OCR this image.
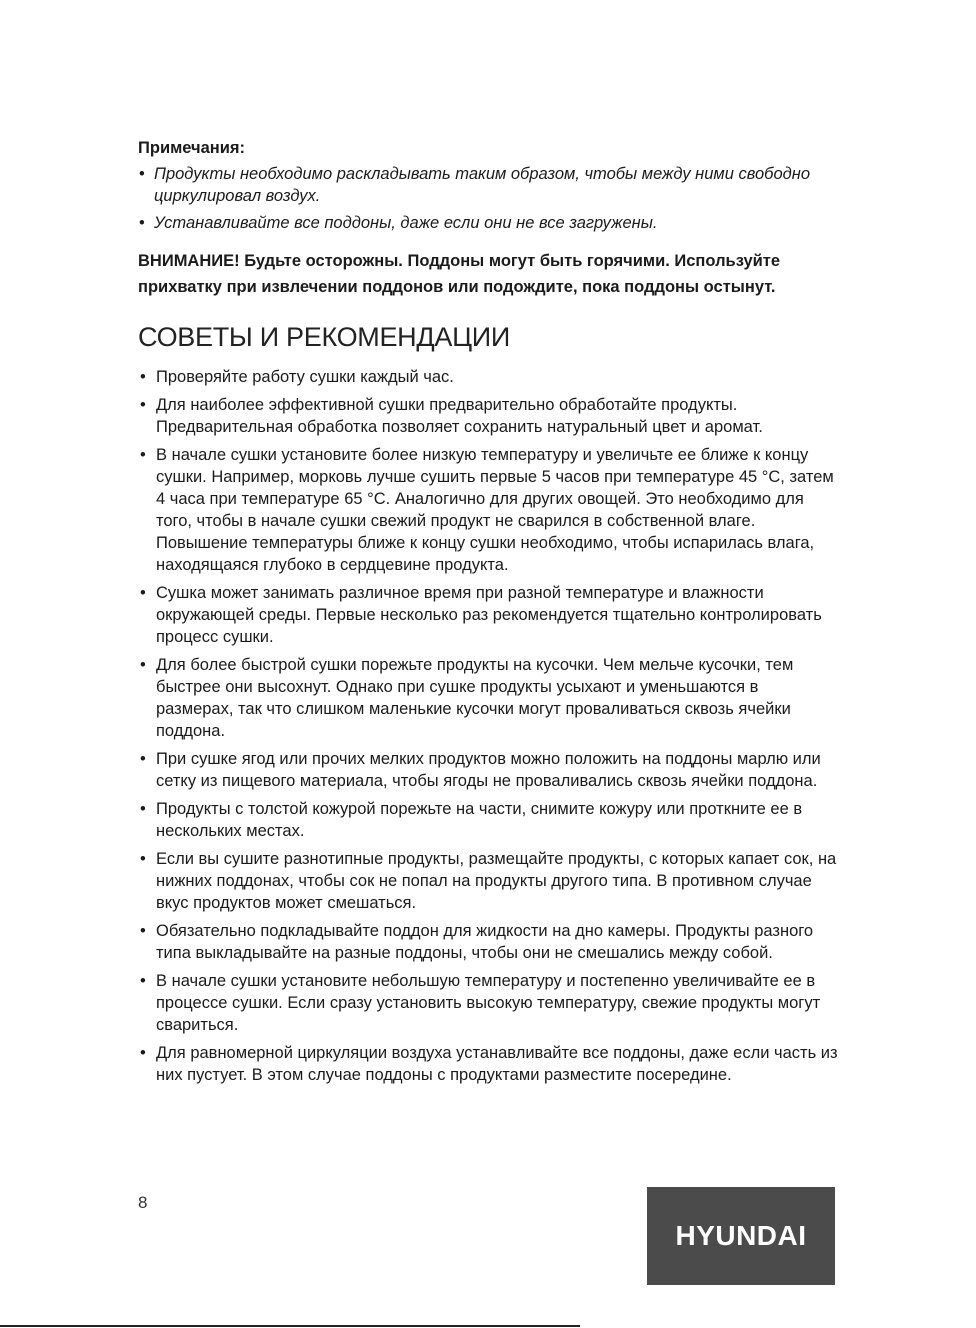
Примечания:
• Продукты необходимо раскладывать таким образом, чтобы между ними свободно циркулировал воздух.
• Устанавливайте все поддоны, даже если они не все загружены.

ВНИМАНИЕ! Будьте осторожны. Поддоны могут быть горячими. Используйте прихватку при извлечении поддонов или подождите, пока поддоны остынут.

СОВЕТЫ И РЕКОМЕНДАЦИИ
• Проверяйте работу сушки каждый час.
• Для наиболее эффективной сушки предварительно обработайте продукты. Предварительная обработка позволяет сохранить натуральный цвет и аромат.
• В начале сушки установите более низкую температуру и увеличьте ее ближе к концу сушки. Например, морковь лучше сушить первые 5 часов при температуре 45 °C, затем 4 часа при температуре 65 °C. Аналогично для других овощей. Это необходимо для того, чтобы в начале сушки свежий продукт не сварился в собственной влаге. Повышение температуры ближе к концу сушки необходимо, чтобы испарилась влага, находящаяся глубоко в сердцевине продукта.
• Сушка может занимать различное время при разной температуре и влажности окружающей среды. Первые несколько раз рекомендуется тщательно контролировать процесс сушки.
• Для более быстрой сушки порежьте продукты на кусочки. Чем мельче кусочки, тем быстрее они высохнут. Однако при сушке продукты усыхают и уменьшаются в размерах, так что слишком маленькие кусочки могут проваливаться сквозь ячейки поддона.
• При сушке ягод или прочих мелких продуктов можно положить на поддоны марлю или сетку из пищевого материала, чтобы ягоды не проваливались сквозь ячейки поддона.
• Продукты с толстой кожурой порежьте на части, снимите кожуру или проткните ее в нескольких местах.
• Если вы сушите разнотипные продукты, размещайте продукты, с которых капает сок, на нижних поддонах, чтобы сок не попал на продукты другого типа. В противном случае вкус продуктов может смешаться.
• Обязательно подкладывайте поддон для жидкости на дно камеры. Продукты разного типа выкладывайте на разные поддоны, чтобы они не смешались между собой.
• В начале сушки установите небольшую температуру и постепенно увеличивайте ее в процессе сушки. Если сразу установить высокую температуру, свежие продукты могут свариться.
• Для равномерной циркуляции воздуха устанавливайте все поддоны, даже если часть из них пустует. В этом случае поддоны с продуктами разместите посередине.
8
HYUNDAI
